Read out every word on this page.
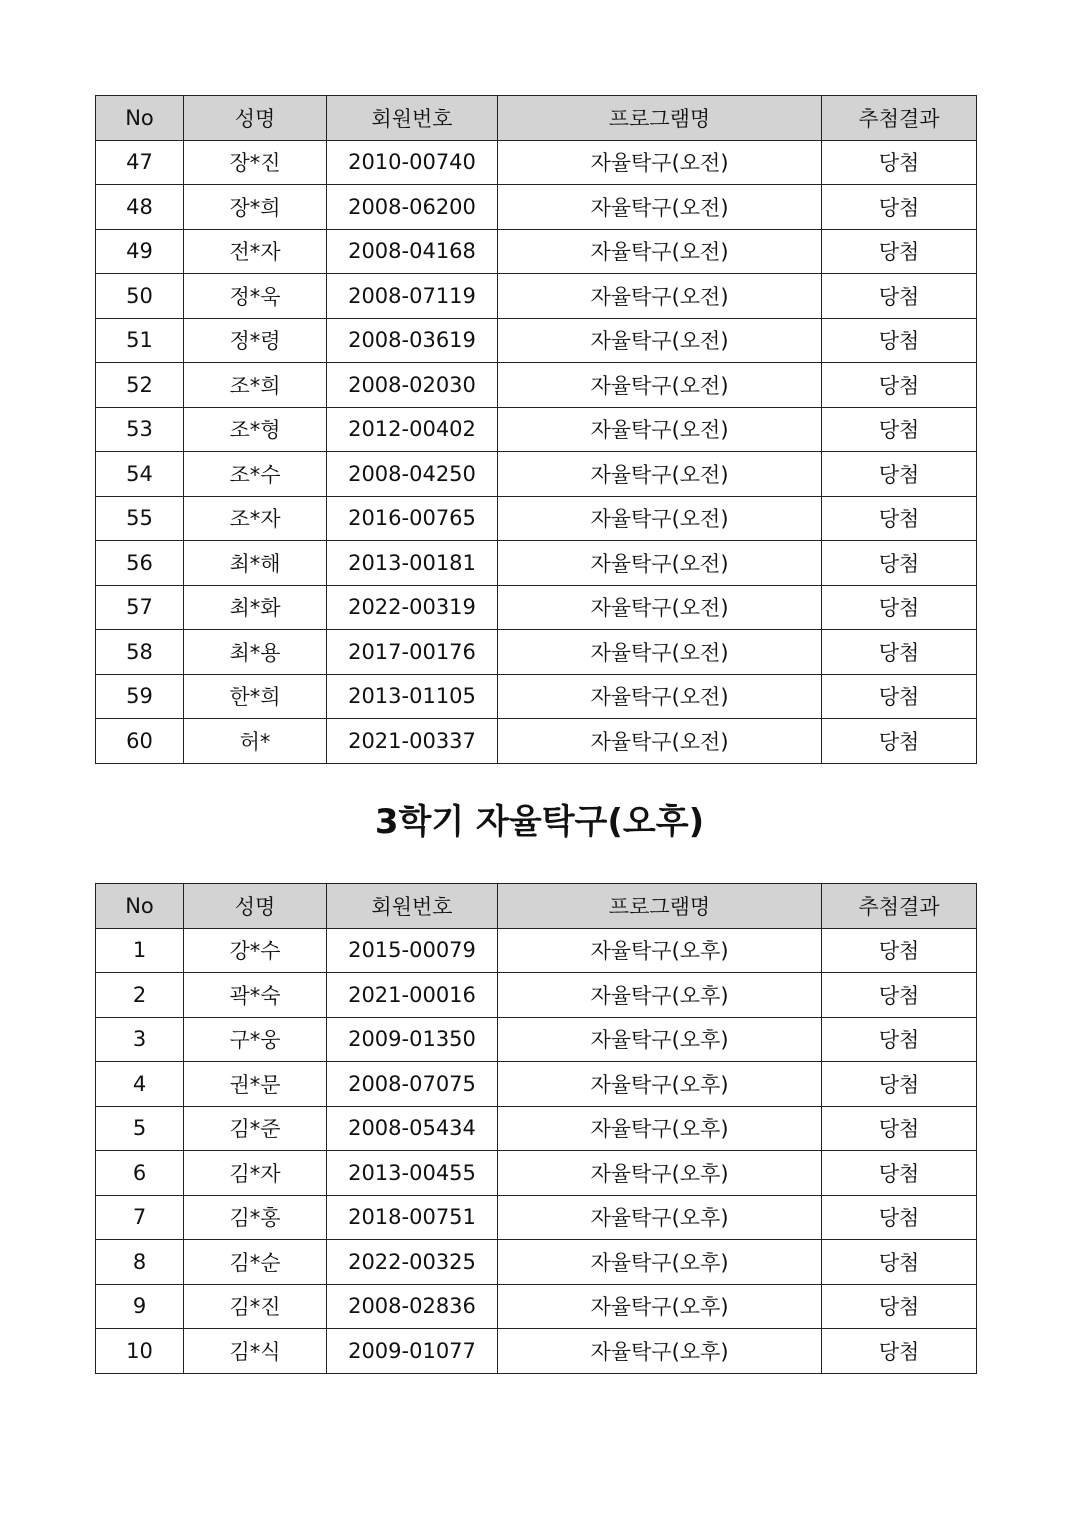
No	성명	회원번호	프로그램명	추첨결과
47	장*진	2010-00740	자율탁구(오전)	당첨
48	장*희	2008-06200	자율탁구(오전)	당첨
49	전*자	2008-04168	자율탁구(오전)	당첨
50	정*욱	2008-07119	자율탁구(오전)	당첨
51	정*령	2008-03619	자율탁구(오전)	당첨
52	조*희	2008-02030	자율탁구(오전)	당첨
53	조*형	2012-00402	자율탁구(오전)	당첨
54	조*수	2008-04250	자율탁구(오전)	당첨
55	조*자	2016-00765	자율탁구(오전)	당첨
56	최*해	2013-00181	자율탁구(오전)	당첨
57	최*화	2022-00319	자율탁구(오전)	당첨
58	최*용	2017-00176	자율탁구(오전)	당첨
59	한*희	2013-01105	자율탁구(오전)	당첨
60	허*	2021-00337	자율탁구(오전)	당첨
3학기 자율탁구(오후)
No	성명	회원번호	프로그램명	추첨결과
1	강*수	2015-00079	자율탁구(오후)	당첨
2	곽*숙	2021-00016	자율탁구(오후)	당첨
3	구*웅	2009-01350	자율탁구(오후)	당첨
4	권*문	2008-07075	자율탁구(오후)	당첨
5	김*준	2008-05434	자율탁구(오후)	당첨
6	김*자	2013-00455	자율탁구(오후)	당첨
7	김*홍	2018-00751	자율탁구(오후)	당첨
8	김*순	2022-00325	자율탁구(오후)	당첨
9	김*진	2008-02836	자율탁구(오후)	당첨
10	김*식	2009-01077	자율탁구(오후)	당첨
